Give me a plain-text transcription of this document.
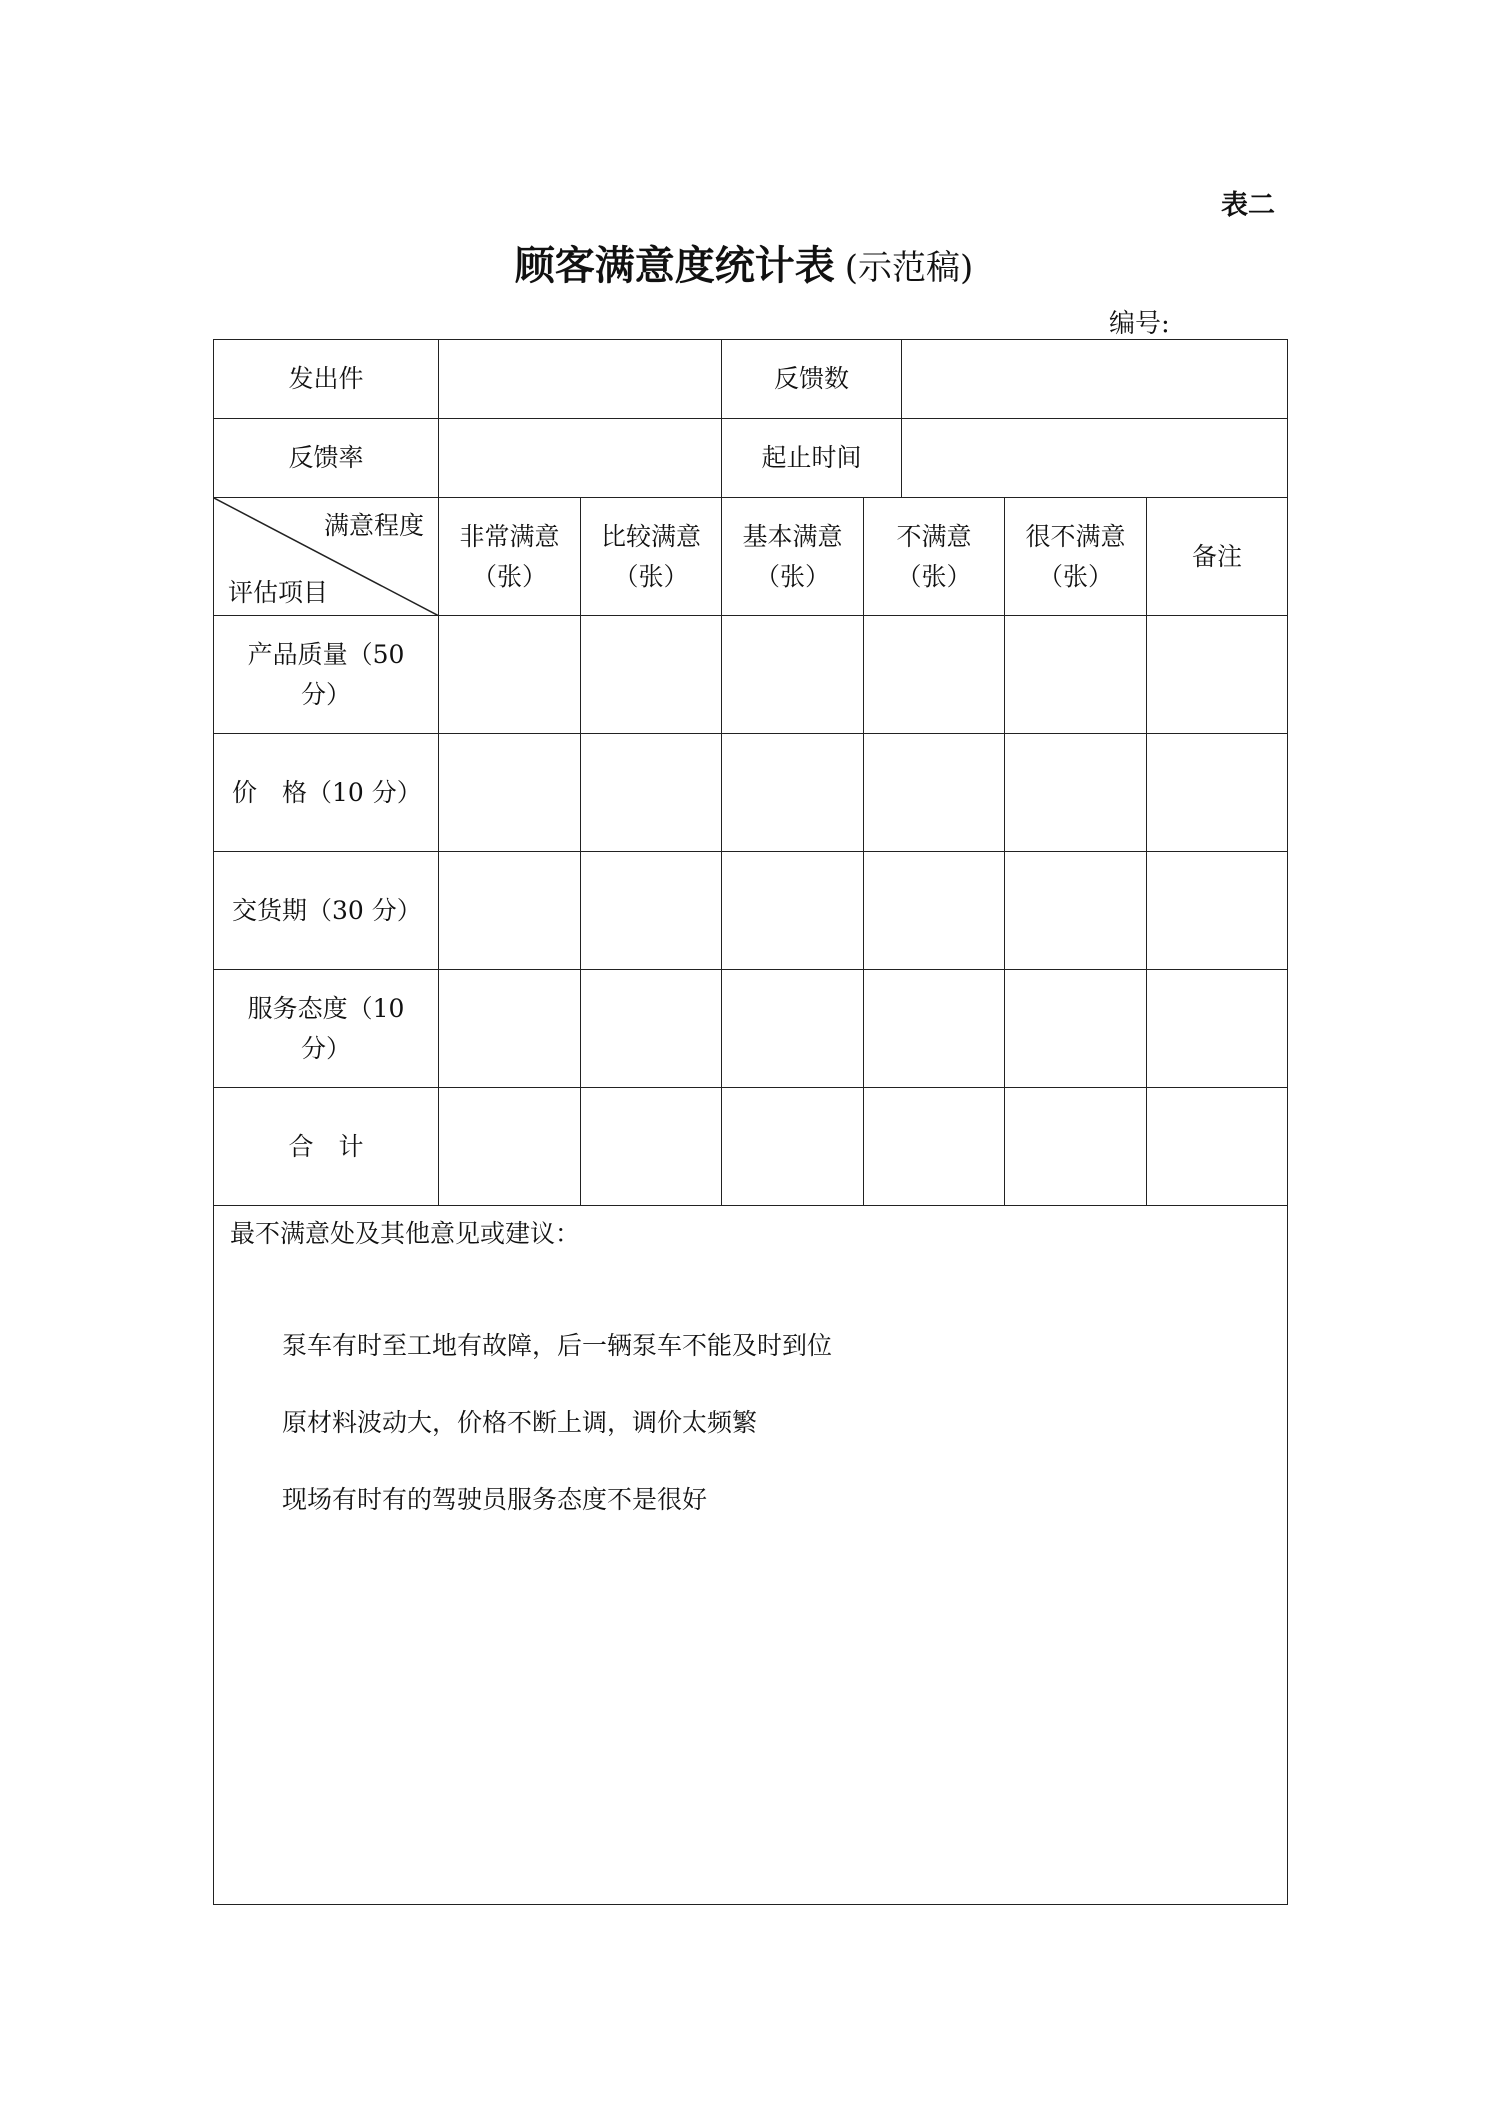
表二
顾客满意度统计表 (示范稿)
编号:
发出件	反馈数
反馈率	起止时间
满意程度
评估项目
非常满意
（张）
比较满意
（张）
基本满意
（张）
不满意
（张）
很不满意
（张）
备注
产品质量（50
分）
价　格（10 分）
交货期（30 分）
服务态度（10
分）
合　计
最不满意处及其他意见或建议：
泵车有时至工地有故障，后一辆泵车不能及时到位
原材料波动大，价格不断上调，调价太频繁
现场有时有的驾驶员服务态度不是很好
